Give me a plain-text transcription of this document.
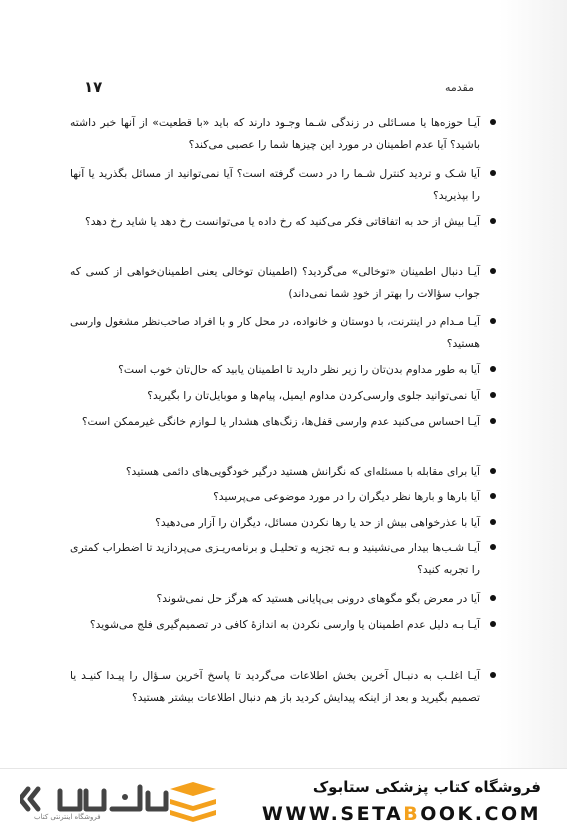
۱۷	مقدمه
آیـا حوزه‌ها یا مسـائلی در زندگی شـما وجـود دارند که باید «با قطعیت» از آنها خبر داشته باشید؟ آیا عدم اطمینان در مورد این چیزها شما را عصبی می‌کند؟
آیا شـک و تردید کنترل شـما را در دست گرفته است؟ آیا نمی‌توانید از مسائل بگذرید یا آنها را بپذیرید؟
آیـا بیش از حد به اتفاقاتی فکر می‌کنید که رخ داده یا می‌توانست رخ دهد یا شاید رخ دهد؟
آیـا دنبال اطمینان «توخالی» می‌گردید؟ (اطمینان توخالی یعنی اطمینان‌خواهی از کسی که جواب سؤالات را بهتر از خودِ شما نمی‌داند)
آیـا مـدام در اینترنت، با دوستان و خانواده، در محل کار و با افراد صاحب‌نظر مشغول وارسی هستید؟
آیا به طور مداوم بدن‌تان را زیر نظر دارید تا اطمینان یابید که حال‌تان خوب است؟
آیا نمی‌توانید جلوی وارسی‌کردن مداوم ایمیل، پیام‌ها و موبایل‌تان را بگیرید؟
آیـا احساس می‌کنید عدم وارسی قفل‌ها، زنگ‌های هشدار یا لـوازم خانگی غیرممکن است؟
آیا برای مقابله با مسئله‌ای که نگرانش هستید درگیر خودگویی‌های دائمی هستید؟
آیا بارها و بارها نظر دیگران را در مورد موضوعی می‌پرسید؟
آیا با عذرخواهی بیش از حد یا رها نکردن مسائل، دیگران را آزار می‌دهید؟
آیـا شـب‌ها بیدار می‌نشینید و بـه تجزیه و تحلیـل و برنامه‌ریـزی می‌پردازید تا اضطراب کمتری را تجربه کنید؟
آیا در معرض بگو مگوهای درونی بی‌پایانی هستید که هرگز حل نمی‌شوند؟
آیـا بـه دلیل عدم اطمینان یا وارسی نکردن به اندازهٔ کافی در تصمیم‌گیری فلج می‌شوید؟
آیـا اغلـب به دنبـال آخرین بخش اطلاعات می‌گردید تا پاسخ آخرین سـؤال را پیـدا کنیـد یا تصمیم بگیرید و بعد از اینکه پیدایش کردید باز هم دنبال اطلاعات بیشتر هستید؟
فروشگاه اینترنتی کتاب
فروشگاه کتاب پزشکی ستابوک
WWW.SETABOOK.COM
